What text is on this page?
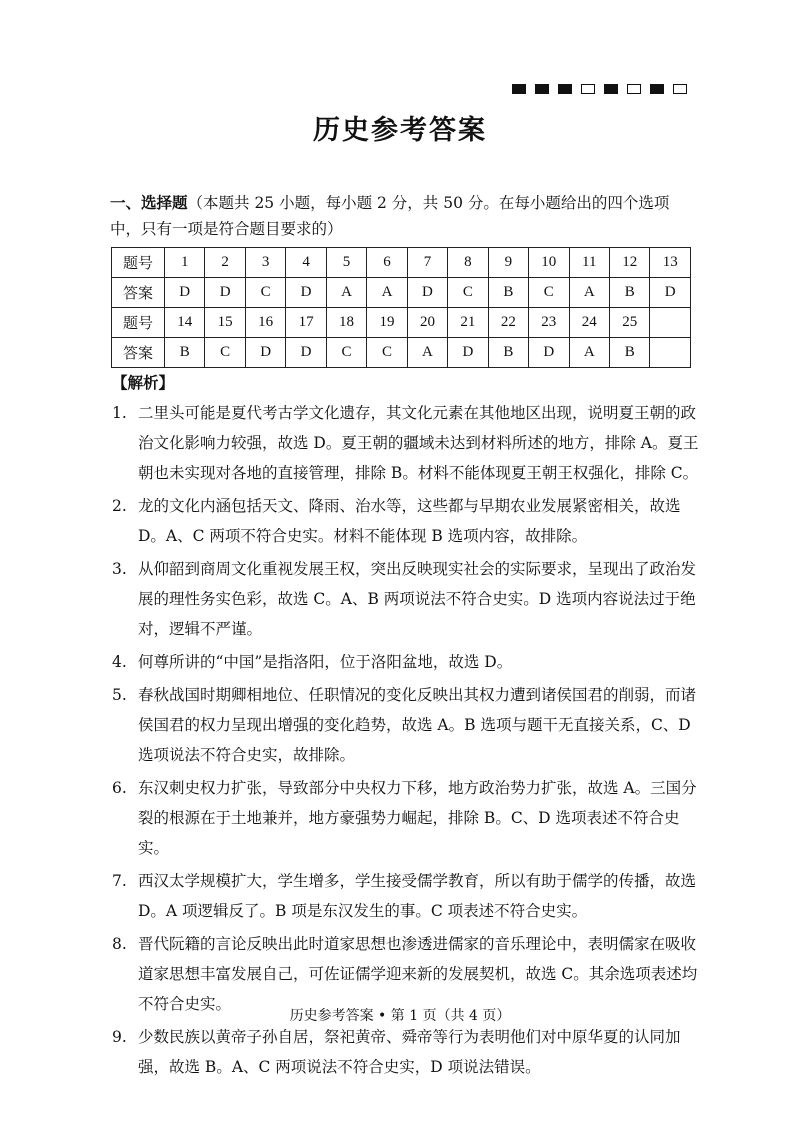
历史参考答案
一、选择题（本题共 25 小题，每小题 2 分，共 50 分。在每小题给出的四个选项中，只有一项是符合题目要求的）
题号	1	2	3	4	5	6	7	8	9	10	11	12	13
答案	D	D	C	D	A	A	D	C	B	C	A	B	D
题号	14	15	16	17	18	19	20	21	22	23	24	25	
答案	B	C	D	D	C	C	A	D	B	D	A	B	
【解析】
1. 二里头可能是夏代考古学文化遗存，其文化元素在其他地区出现，说明夏王朝的政治文化影响力较强，故选 D。夏王朝的疆域未达到材料所述的地方，排除 A。夏王朝也未实现对各地的直接管理，排除 B。材料不能体现夏王朝王权强化，排除 C。
2. 龙的文化内涵包括天文、降雨、治水等，这些都与早期农业发展紧密相关，故选 D。A、C 两项不符合史实。材料不能体现 B 选项内容，故排除。
3. 从仰韶到商周文化重视发展王权，突出反映现实社会的实际要求，呈现出了政治发展的理性务实色彩，故选 C。A、B 两项说法不符合史实。D 选项内容说法过于绝对，逻辑不严谨。
4. 何尊所讲的“中国”是指洛阳，位于洛阳盆地，故选 D。
5. 春秋战国时期卿相地位、任职情况的变化反映出其权力遭到诸侯国君的削弱，而诸侯国君的权力呈现出增强的变化趋势，故选 A。B 选项与题干无直接关系，C、D 选项说法不符合史实，故排除。
6. 东汉刺史权力扩张，导致部分中央权力下移，地方政治势力扩张，故选 A。三国分裂的根源在于土地兼并，地方豪强势力崛起，排除 B。C、D 选项表述不符合史实。
7. 西汉太学规模扩大，学生增多，学生接受儒学教育，所以有助于儒学的传播，故选 D。A 项逻辑反了。B 项是东汉发生的事。C 项表述不符合史实。
8. 晋代阮籍的言论反映出此时道家思想也渗透进儒家的音乐理论中，表明儒家在吸收道家思想丰富发展自己，可佐证儒学迎来新的发展契机，故选 C。其余选项表述均不符合史实。
9. 少数民族以黄帝子孙自居，祭祀黄帝、舜帝等行为表明他们对中原华夏的认同加强，故选 B。A、C 两项说法不符合史实，D 项说法错误。
历史参考答案 • 第 1 页（共 4 页）
